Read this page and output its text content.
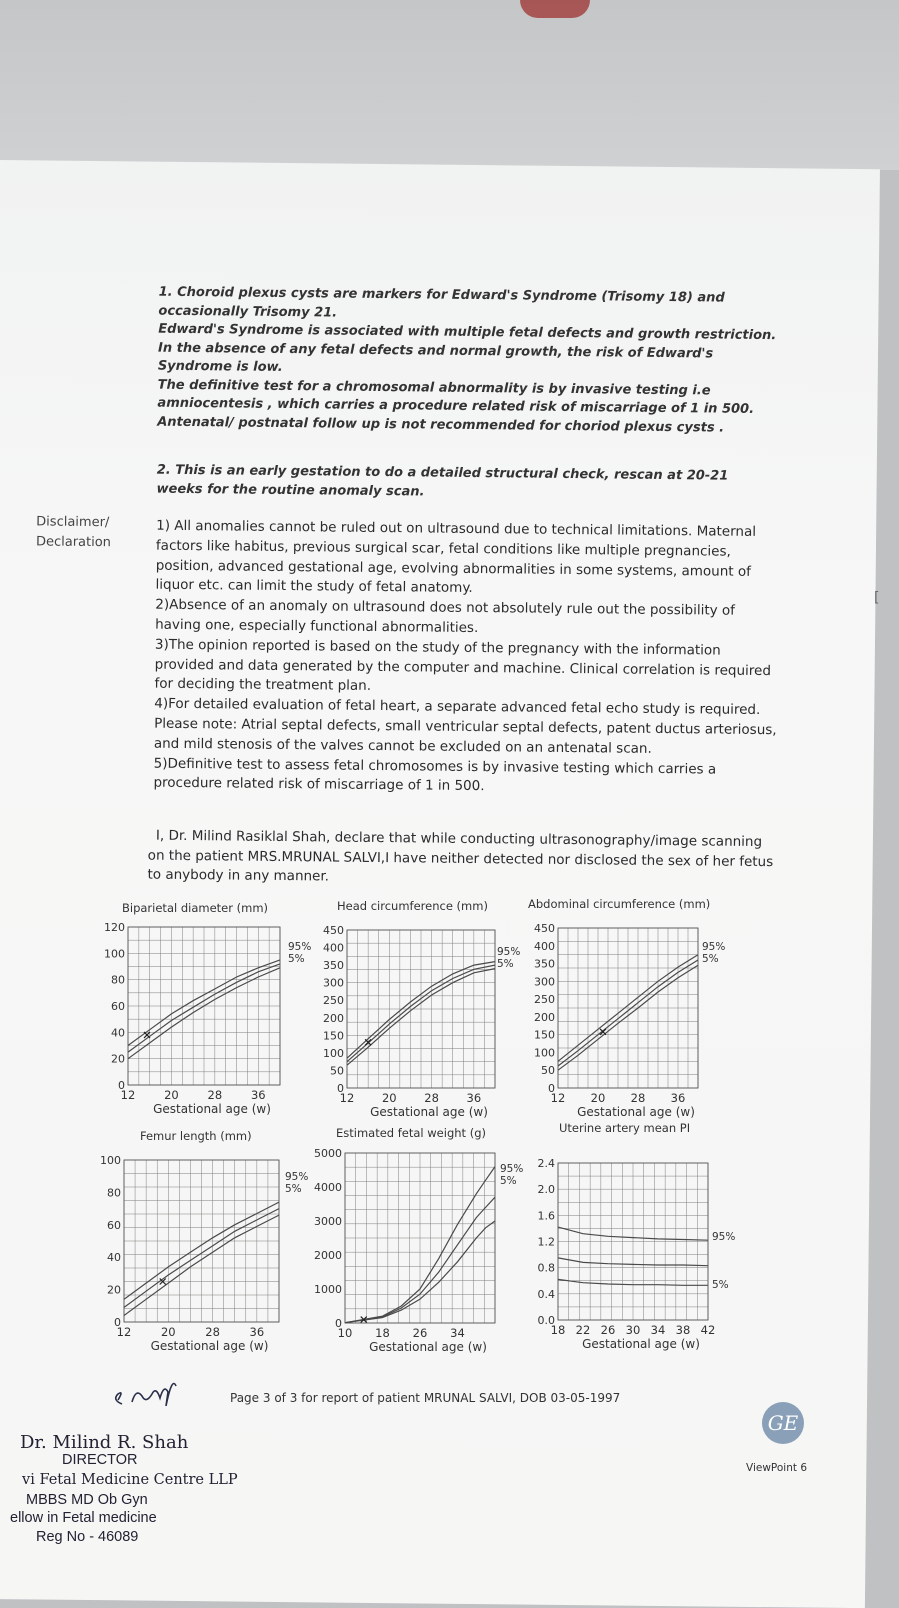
1. Choroid plexus cysts are markers for Edward's Syndrome (Trisomy 18) and occasionally Trisomy 21.
Edward's Syndrome is associated with multiple fetal defects and growth restriction.
In the absence of any fetal defects and normal growth, the risk of Edward's Syndrome is low.
The definitive test for a chromosomal abnormality is by invasive testing i.e amniocentesis , which carries a procedure related risk of miscarriage of 1 in 500.
Antenatal/ postnatal follow up is not recommended for choriod plexus cysts .
2. This is an early gestation to do a detailed structural check, rescan at 20-21 weeks for the routine anomaly scan.
Disclaimer/
Declaration
1) All anomalies cannot be ruled out on ultrasound due to technical limitations. Maternal factors like habitus, previous surgical scar, fetal conditions like multiple pregnancies, position, advanced gestational age, evolving abnormalities in some systems, amount of liquor etc. can limit the study of fetal anatomy.
2)Absence of an anomaly on ultrasound does not absolutely rule out the possibility of having one, especially functional abnormalities.
3)The opinion reported is based on the study of the pregnancy with the information provided and data generated by the computer and machine. Clinical correlation is required for deciding the treatment plan.
4)For detailed evaluation of fetal heart, a separate advanced fetal echo study is required. Please note: Atrial septal defects, small ventricular septal defects, patent ductus arteriosus, and mild stenosis of the valves cannot be excluded on an antenatal scan.
5)Definitive test to assess fetal chromosomes is by invasive testing which carries a procedure related risk of miscarriage of 1 in 500.
I, Dr. Milind Rasiklal Shah, declare that while conducting ultrasonography/image scanning on the patient MRS.MRUNAL SALVI,I have neither detected nor disclosed the sex of her fetus to anybody in any manner.
Biparietal diameter (mm)
120
100
80
60
40
20
0
12	20	28	36
Gestational age (w)
95%
5%
Head circumference (mm)
450
400
350
300
250
200
150
100
50
0
12 20 28 36
Gestational age (w)
95%
5%
Abdominal circumference (mm)
450
400
350
300
250
200
150
100
50
0
12 20 28 36
Gestational age (w)
95%
5%
Femur length (mm)
100
80
60
40
20
0
12	20	28	36
Gestational age (w)
95%
5%
Estimated fetal weight (g)
5000
4000
3000
2000
1000
0
10 18 26 34
Gestational age (w)
95%
5%
Uterine artery mean PI
2.4
2.0
1.6
1.2
0.8
0.4
0.0
18 22 26 30 34 38 42
Gestational age (w)
95%
5%
Page 3 of 3 for report of patient MRUNAL SALVI, DOB 03-05-1997
Dr. Milind R. Shah
DIRECTOR
vi Fetal Medicine Centre LLP
MBBS MD Ob Gyn
ellow in Fetal medicine
Reg No - 46089
GE
ViewPoint 6
[
